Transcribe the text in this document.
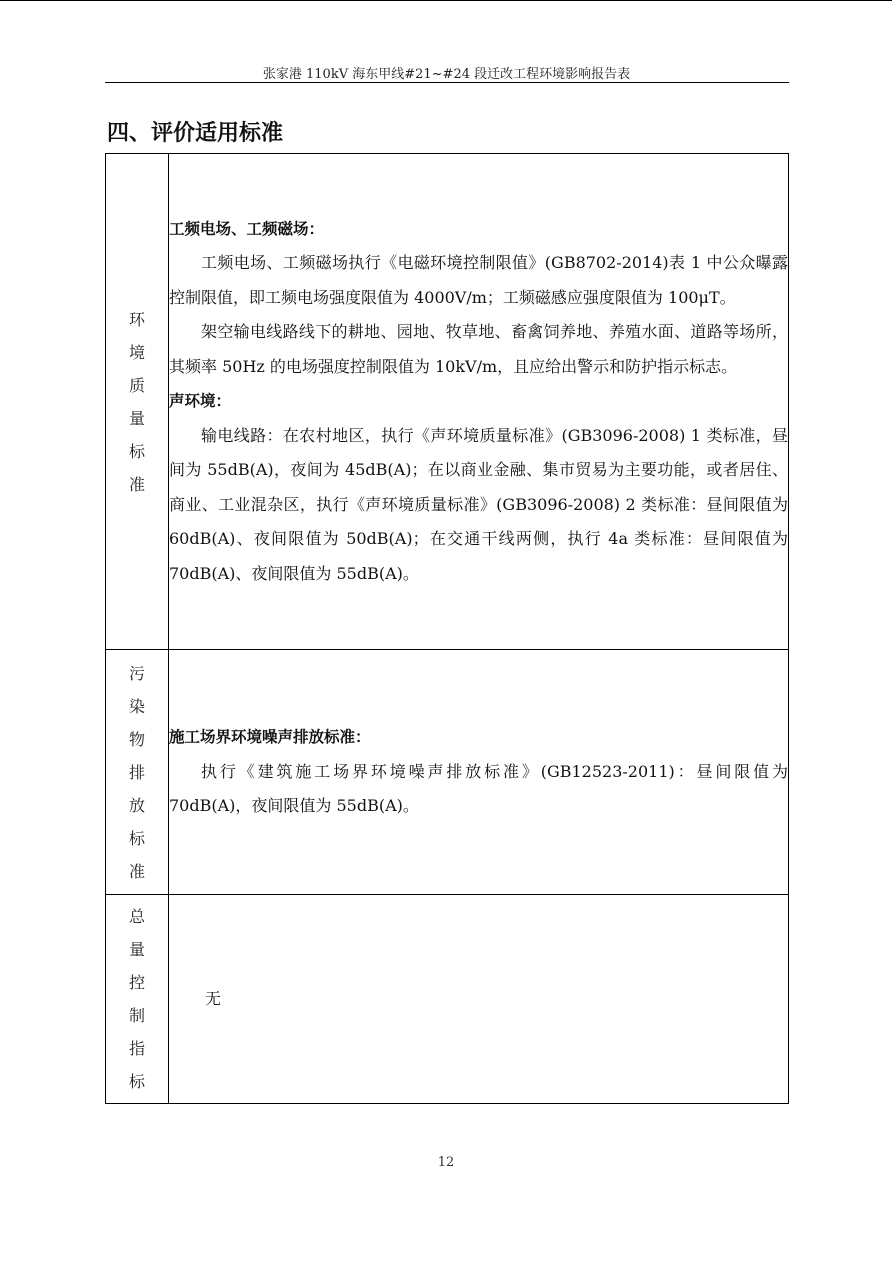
张家港 110kV 海东甲线#21~#24 段迁改工程环境影响报告表
四、评价适用标准
环境质量标准	工频电场、工频磁场：

工频电场、工频磁场执行《电磁环境控制限值》(GB8702-2014)表 1 中公众曝露控制限值，即工频电场强度限值为 4000V/m；工频磁感应强度限值为 100μT。

架空输电线路线下的耕地、园地、牧草地、畜禽饲养地、养殖水面、道路等场所，其频率 50Hz 的电场强度控制限值为 10kV/m，且应给出警示和防护指示标志。

声环境：

输电线路：在农村地区，执行《声环境质量标准》(GB3096-2008) 1 类标准，昼间为 55dB(A)，夜间为 45dB(A)；在以商业金融、集市贸易为主要功能，或者居住、商业、工业混杂区，执行《声环境质量标准》(GB3096-2008) 2 类标准：昼间限值为 60dB(A)、夜间限值为 50dB(A)；在交通干线两侧，执行 4a 类标准：昼间限值为 70dB(A)、夜间限值为 55dB(A)。

污染物排放标准	施工场界环境噪声排放标准：

执行《建筑施工场界环境噪声排放标准》(GB12523-2011)：昼间限值为 70dB(A)，夜间限值为 55dB(A)。

总量控制指标	无
12
